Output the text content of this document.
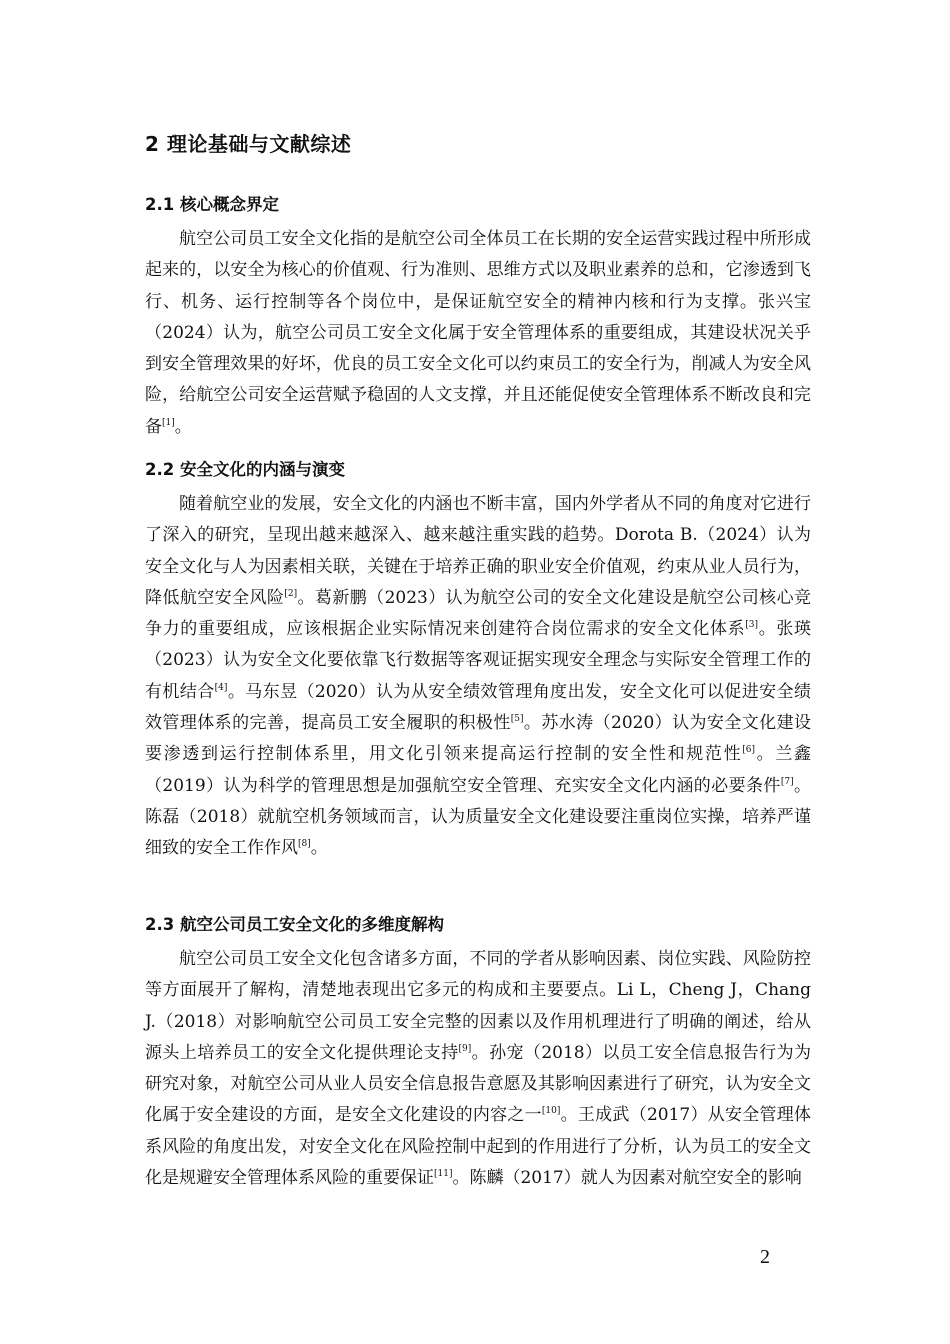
2 理论基础与文献综述
2.1 核心概念界定

航空公司员工安全文化指的是航空公司全体员工在长期的安全运营实践过程中所形成起来的，以安全为核心的价值观、行为准则、思维方式以及职业素养的总和，它渗透到飞行、机务、运行控制等各个岗位中，是保证航空安全的精神内核和行为支撑。张兴宝（2024）认为，航空公司员工安全文化属于安全管理体系的重要组成，其建设状况关乎到安全管理效果的好坏，优良的员工安全文化可以约束员工的安全行为，削减人为安全风险，给航空公司安全运营赋予稳固的人文支撑，并且还能促使安全管理体系不断改良和完备[1]。

2.2 安全文化的内涵与演变

随着航空业的发展，安全文化的内涵也不断丰富，国内外学者从不同的角度对它进行了深入的研究，呈现出越来越深入、越来越注重实践的趋势。Dorota B.（2024）认为安全文化与人为因素相关联，关键在于培养正确的职业安全价值观，约束从业人员行为，降低航空安全风险[2]。葛新鹏（2023）认为航空公司的安全文化建设是航空公司核心竞争力的重要组成，应该根据企业实际情况来创建符合岗位需求的安全文化体系[3]。张瑛（2023）认为安全文化要依靠飞行数据等客观证据实现安全理念与实际安全管理工作的有机结合[4]。马东昱（2020）认为从安全绩效管理角度出发，安全文化可以促进安全绩效管理体系的完善，提高员工安全履职的积极性[5]。苏水涛（2020）认为安全文化建设要渗透到运行控制体系里，用文化引领来提高运行控制的安全性和规范性[6]。兰鑫（2019）认为科学的管理思想是加强航空安全管理、充实安全文化内涵的必要条件[7]。陈磊（2018）就航空机务领域而言，认为质量安全文化建设要注重岗位实操，培养严谨细致的安全工作作风[8]。

2.3 航空公司员工安全文化的多维度解构

航空公司员工安全文化包含诸多方面，不同的学者从影响因素、岗位实践、风险防控等方面展开了解构，清楚地表现出它多元的构成和主要要点。Li L，Cheng J，Chang J.（2018）对影响航空公司员工安全完整的因素以及作用机理进行了明确的阐述，给从源头上培养员工的安全文化提供理论支持[9]。孙宠（2018）以员工安全信息报告行为为研究对象，对航空公司从业人员安全信息报告意愿及其影响因素进行了研究，认为安全文化属于安全建设的方面，是安全文化建设的内容之一[10]。王成武（2017）从安全管理体系风险的角度出发，对安全文化在风险控制中起到的作用进行了分析，认为员工的安全文化是规避安全管理体系风险的重要保证[11]。陈麟（2017）就人为因素对航空安全的影响

2
